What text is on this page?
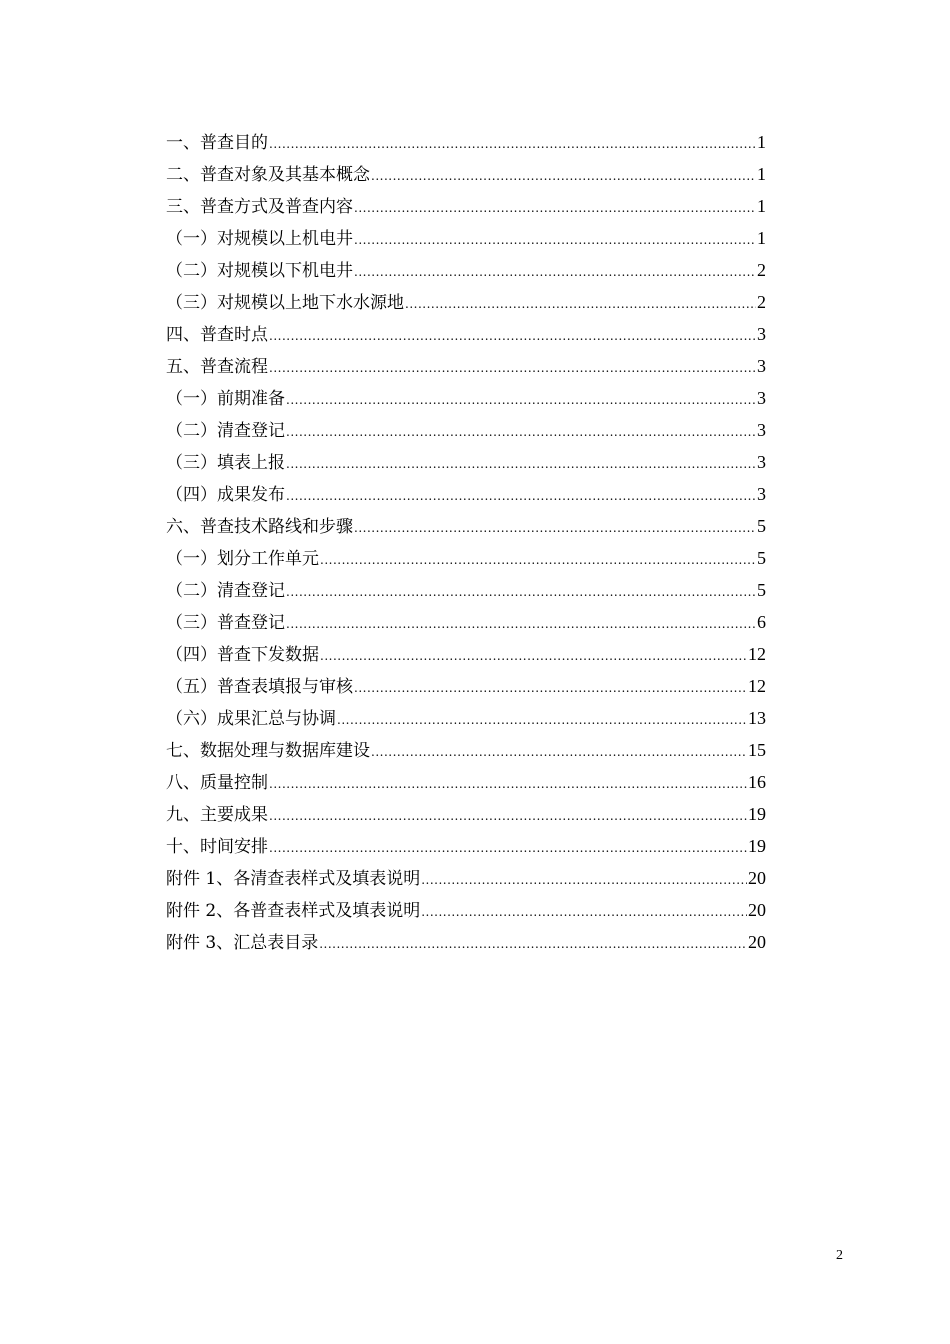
一、普查目的 .....	1
二、普查对象及其基本概念 .....	1
三、普查方式及普查内容 .....	1
（一）对规模以上机电井 .....	1
（二）对规模以下机电井 .....	2
（三）对规模以上地下水水源地 .....	2
四、普查时点 .....	3
五、普查流程 .....	3
（一）前期准备 .....	3
（二）清查登记 .....	3
（三）填表上报 .....	3
（四）成果发布 .....	3
六、普查技术路线和步骤 .....	5
（一）划分工作单元 .....	5
（二）清查登记 .....	5
（三）普查登记 .....	6
（四）普查下发数据 .....	12
（五）普查表填报与审核 .....	12
（六）成果汇总与协调 .....	13
七、数据处理与数据库建设 .....	15
八、质量控制 .....	16
九、主要成果 .....	19
十、时间安排 .....	19
附件 1、各清查表样式及填表说明 .....	20
附件 2、各普查表样式及填表说明 .....	20
附件 3、汇总表目录 .....	20
2
